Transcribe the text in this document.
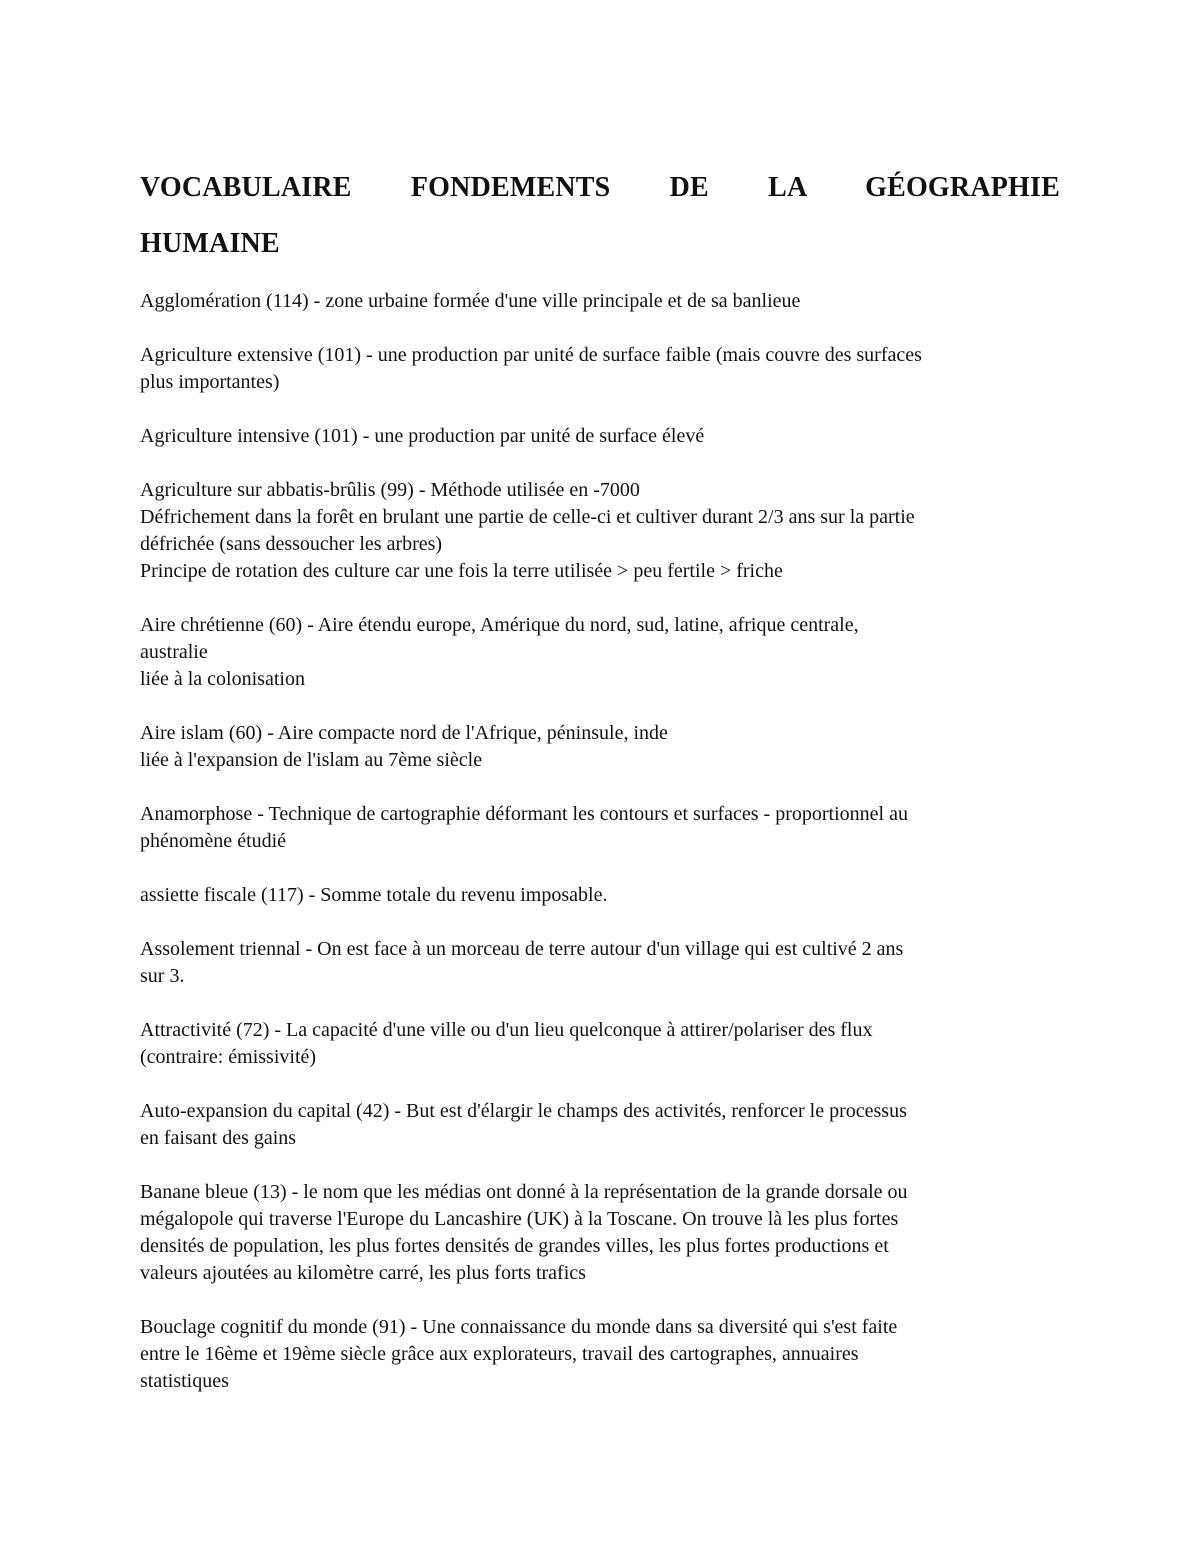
VOCABULAIRE FONDEMENTS DE LA GÉOGRAPHIE
HUMAINE

Agglomération (114) - zone urbaine formée d'une ville principale et de sa banlieue

Agriculture extensive (101) - une production par unité de surface faible (mais couvre des surfaces
plus importantes)

Agriculture intensive (101) - une production par unité de surface élevé

Agriculture sur abbatis-brûlis (99) - Méthode utilisée en -7000
Défrichement dans la forêt en brulant une partie de celle-ci et cultiver durant 2/3 ans sur la partie
défrichée (sans dessoucher les arbres)
Principe de rotation des culture car une fois la terre utilisée > peu fertile > friche

Aire chrétienne (60) - Aire étendu europe, Amérique du nord, sud, latine, afrique centrale,
australie
liée à la colonisation

Aire islam (60) - Aire compacte nord de l'Afrique, péninsule, inde
liée à l'expansion de l'islam au 7ème siècle

Anamorphose - Technique de cartographie déformant les contours et surfaces - proportionnel au
phénomène étudié

assiette fiscale (117) - Somme totale du revenu imposable.

Assolement triennal - On est face à un morceau de terre autour d'un village qui est cultivé 2 ans
sur 3.

Attractivité (72) - La capacité d'une ville ou d'un lieu quelconque à attirer/polariser des flux
(contraire: émissivité)

Auto-expansion du capital (42) - But est d'élargir le champs des activités, renforcer le processus
en faisant des gains

Banane bleue (13) - le nom que les médias ont donné à la représentation de la grande dorsale ou
mégalopole qui traverse l'Europe du Lancashire (UK) à la Toscane. On trouve là les plus fortes
densités de population, les plus fortes densités de grandes villes, les plus fortes productions et
valeurs ajoutées au kilomètre carré, les plus forts trafics

Bouclage cognitif du monde (91) - Une connaissance du monde dans sa diversité qui s'est faite
entre le 16ème et 19ème siècle grâce aux explorateurs, travail des cartographes, annuaires
statistiques
